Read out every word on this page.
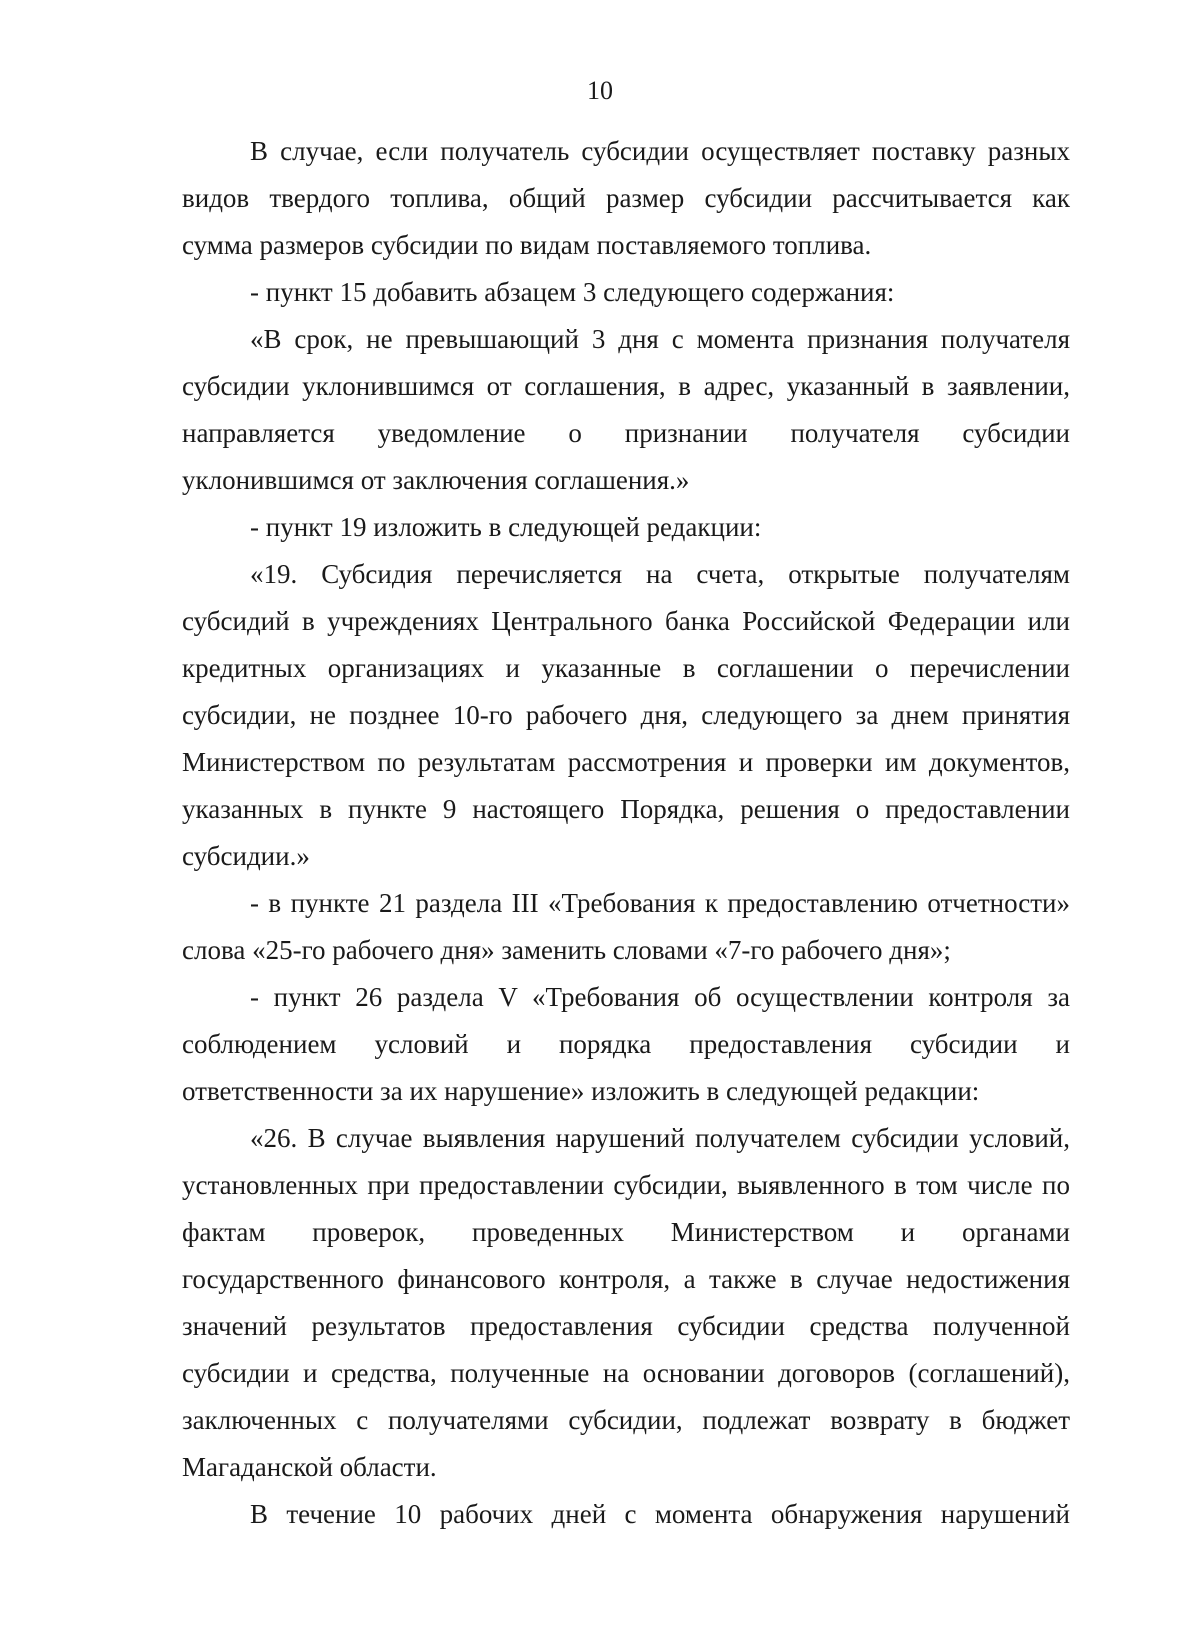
10
В случае, если получатель субсидии осуществляет поставку разных
видов твердого топлива, общий размер субсидии рассчитывается как
сумма размеров субсидии по видам поставляемого топлива.
- пункт 15 добавить абзацем 3 следующего содержания:
«В срок, не превышающий 3 дня с момента признания получателя
субсидии уклонившимся от соглашения, в адрес, указанный в заявлении,
направляется уведомление о признании получателя субсидии
уклонившимся от заключения соглашения.»
- пункт 19 изложить в следующей редакции:
«19. Субсидия перечисляется на счета, открытые получателям
субсидий в учреждениях Центрального банка Российской Федерации или
кредитных организациях и указанные в соглашении о перечислении
субсидии, не позднее 10-го рабочего дня, следующего за днем принятия
Министерством по результатам рассмотрения и проверки им документов,
указанных в пункте 9 настоящего Порядка, решения о предоставлении
субсидии.»
- в пункте 21 раздела III «Требования к предоставлению отчетности»
слова «25-го рабочего дня» заменить словами «7-го рабочего дня»;
- пункт 26 раздела V «Требования об осуществлении контроля за
соблюдением условий и порядка предоставления субсидии и
ответственности за их нарушение» изложить в следующей редакции:
«26. В случае выявления нарушений получателем субсидии условий,
установленных при предоставлении субсидии, выявленного в том числе по
фактам проверок, проведенных Министерством и органами
государственного финансового контроля, а также в случае недостижения
значений результатов предоставления субсидии средства полученной
субсидии и средства, полученные на основании договоров (соглашений),
заключенных с получателями субсидии, подлежат возврату в бюджет
Магаданской области.
В течение 10 рабочих дней с момента обнаружения нарушений
